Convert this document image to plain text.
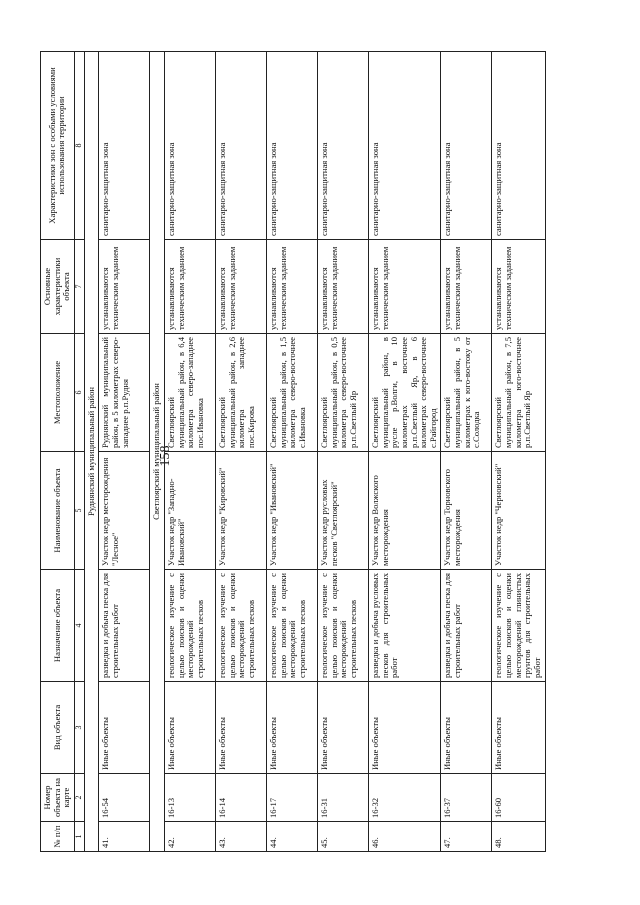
158
№ п/п	Номер объекта на карте	Вид объекта	Назначение объекта	Наименование объекта	Местоположение	Основные характеристики объекта	Характеристики зон с особыми условиями использования территории
1	2	3	4	5	6	7	8
Руднянский муниципальный район							
41.	16-54	Иные объекты	разведка и добыча песка для строительных работ	Участок недр месторождения "Лесное"	Руднянский муниципальный район, в 5 километрах северо-западнее р.п.Рудня	устанавливаются техническим заданием	санитарно-защитная зона
Светлоярский муниципальный район							
42.	16-13	Иные объекты	геологическое изучение с целью поисков и оценки месторождений строительных песков	Участок недр "Западно-Ивановский"	Светлоярский муниципальный район, в 6,4 километра северо-западнее пос.Ивановка	устанавливаются техническим заданием	санитарно-защитная зона
43.	16-14	Иные объекты	геологическое изучение с целью поисков и оценки месторождений строительных песков	Участок недр "Кировский"	Светлоярский муниципальный район, в 2,6 километра западнее пос.Кирова	устанавливаются техническим заданием	санитарно-защитная зона
44.	16-17	Иные объекты	геологическое изучение с целью поисков и оценки месторождений строительных песков	Участок недр "Ивановский"	Светлоярский муниципальный район, в 1,5 километра северо-восточнее с.Ивановка	устанавливаются техническим заданием	санитарно-защитная зона
45.	16-31	Иные объекты	геологическое изучение с целью поисков и оценки месторождений строительных песков	Участок недр русловых песков "Светлоярский"	Светлоярский муниципальный район, в 0,5 километра северо-восточнее р.п.Светлый Яр	устанавливаются техническим заданием	санитарно-защитная зона
46.	16-32	Иные объекты	разведка и добыча русловых песков для строительных работ	Участок недр Волжского месторождения	Светлоярский муниципальный район, в русле р.Волги, в 10 километрах восточнее р.п.Светлый Яр, в 6 километрах северо-восточнее с.Райгород	устанавливаются техническим заданием	санитарно-защитная зона
47.	16-37	Иные объекты	разведка и добыча песка для строительных работ	Участок недр Торновского месторождения	Светлоярский муниципальный район, в 5 километрах к юго-востоку от с.Солодка	устанавливаются техническим заданием	санитарно-защитная зона
48.	16-60	Иные объекты	геологическое изучение с целью поисков и оценки месторождений глинистых грунтов для строительных работ	Участок недр "Черновский"	Светлоярский муниципальный район, в 7,5 километра юго-восточнее р.п.Светлый Яр	устанавливаются техническим заданием	санитарно-защитная зона
